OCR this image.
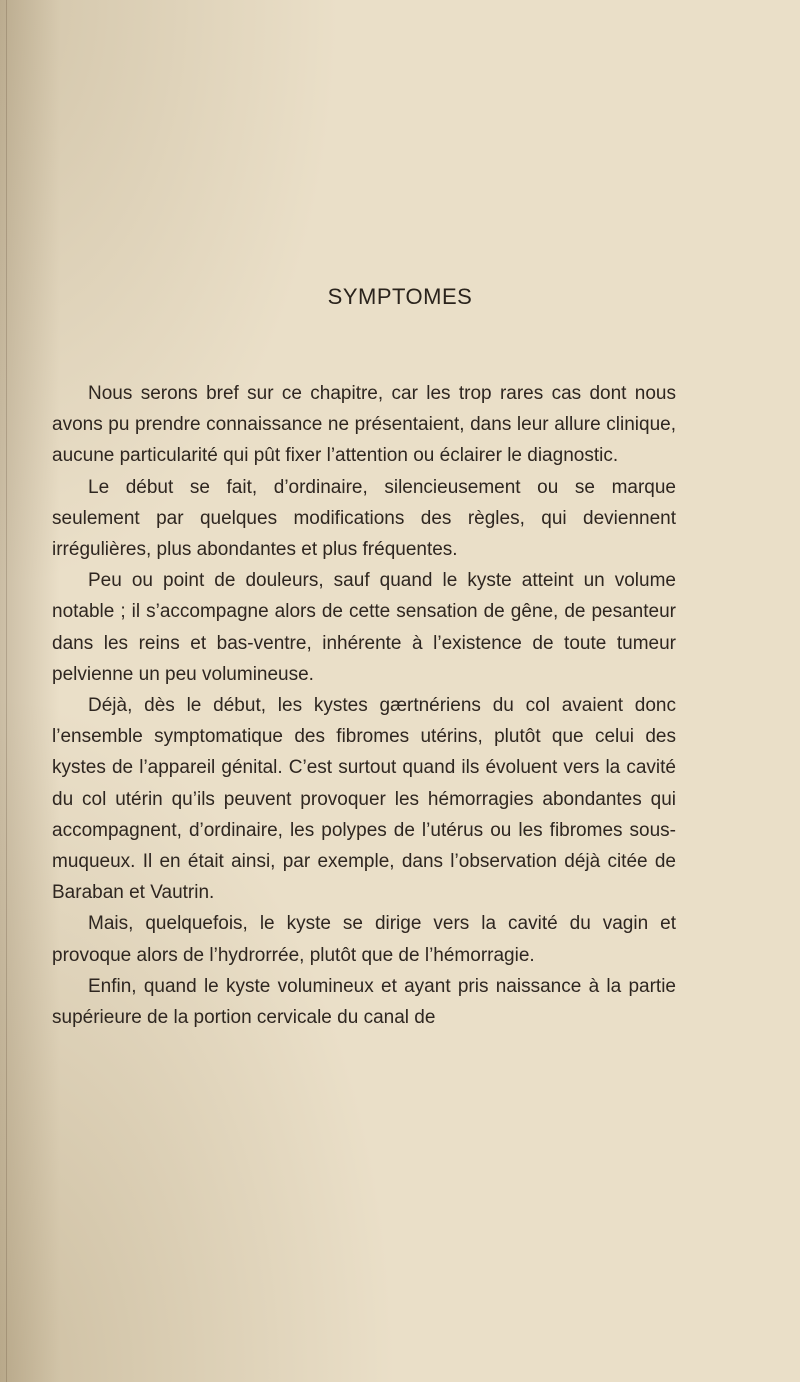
SYMPTOMES

Nous serons bref sur ce chapitre, car les trop rares cas dont nous avons pu prendre connaissance ne présentaient, dans leur allure clinique, aucune particularité qui pût fixer l’attention ou éclairer le diagnostic.

Le début se fait, d’ordinaire, silencieusement ou se marque seulement par quelques modifications des règles, qui deviennent irrégulières, plus abondantes et plus fréquentes.

Peu ou point de douleurs, sauf quand le kyste atteint un volume notable ; il s’accompagne alors de cette sensation de gêne, de pesanteur dans les reins et bas-ventre, inhérente à l’existence de toute tumeur pelvienne un peu volumineuse.

Déjà, dès le début, les kystes gærtnériens du col avaient donc l’ensemble symptomatique des fibromes utérins, plutôt que celui des kystes de l’appareil génital. C’est surtout quand ils évoluent vers la cavité du col utérin qu’ils peuvent provoquer les hémorragies abondantes qui accompagnent, d’ordinaire, les polypes de l’utérus ou les fibromes sous-muqueux. Il en était ainsi, par exemple, dans l’observation déjà citée de Baraban et Vautrin.

Mais, quelquefois, le kyste se dirige vers la cavité du vagin et provoque alors de l’hydrorrée, plutôt que de l’hémorragie.

Enfin, quand le kyste volumineux et ayant pris naissance à la partie supérieure de la portion cervicale du canal de
